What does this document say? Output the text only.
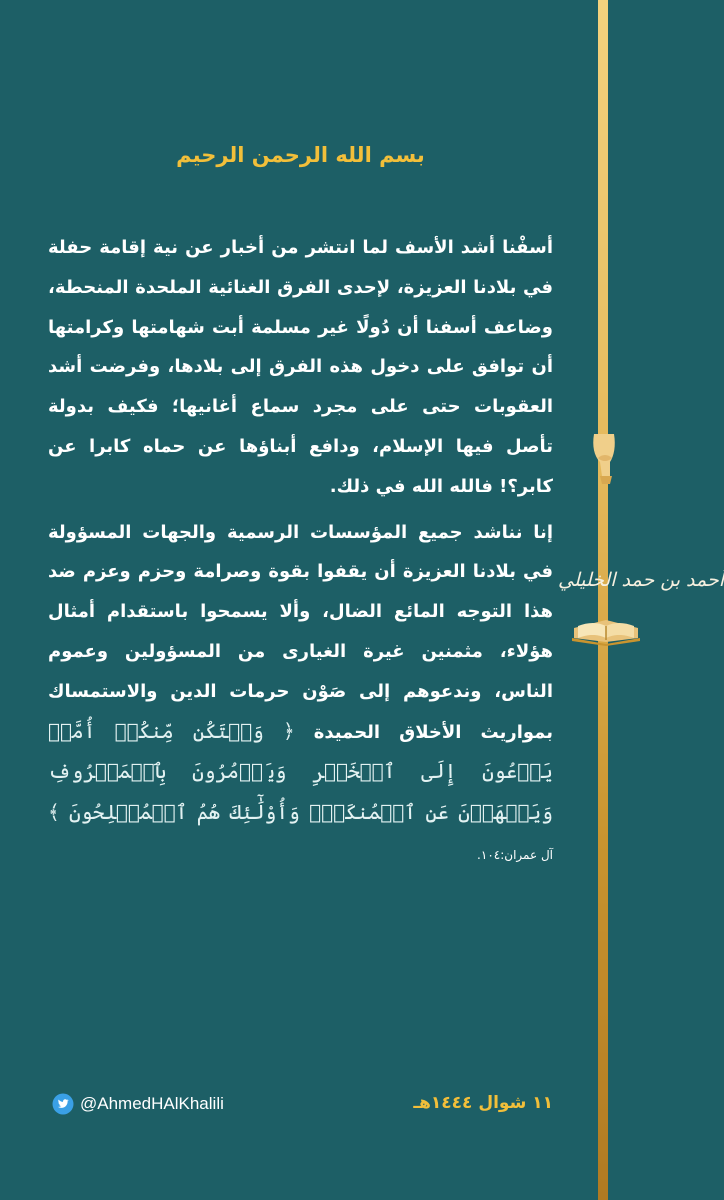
أحمد بن حمد الخليلي
بسم الله الرحمن الرحيم

أسفْنا أشد الأسف لما انتشر من أخبار عن نية إقامة حفلة في بلادنا العزيزة، لإحدى الفرق الغنائية الملحدة المنحطة، وضاعف أسفنا أن دُولًا غير مسلمة أبت شهامتها وكرامتها أن توافق على دخول هذه الفرق إلى بلادها، وفرضت أشد العقوبات حتى على مجرد سماع أغانيها؛ فكيف بدولة تأصل فيها الإسلام، ودافع أبناؤها عن حماه كابرا عن كابر؟! فالله الله في ذلك.

إنا نناشد جميع المؤسسات الرسمية والجهات المسؤولة في بلادنا العزيزة أن يقفوا بقوة وصرامة وحزم وعزم ضد هذا التوجه المائع الضال، وألا يسمحوا باستقدام أمثال هؤلاء، مثمنين غيرة الغيارى من المسؤولين وعموم الناس، وندعوهم إلى صَوْن حرمات الدين والاستمساك بمواريث الأخلاق الحميدة ﴿ وَلۡتَكُن مِّنكُمۡ أُمَّةٞ يَدۡعُونَ إِلَى ٱلۡخَيۡرِ وَيَأۡمُرُونَ بِٱلۡمَعۡرُوفِ وَيَنۡهَوۡنَ عَنِ ٱلۡمُنكَرِۚ وَأُوْلَٰٓئِكَ هُمُ ٱلۡمُفۡلِحُونَ ﴾ آل عمران:١٠٤.

١١ شوال ١٤٤٤هـ
@AhmedHAlKhalili
